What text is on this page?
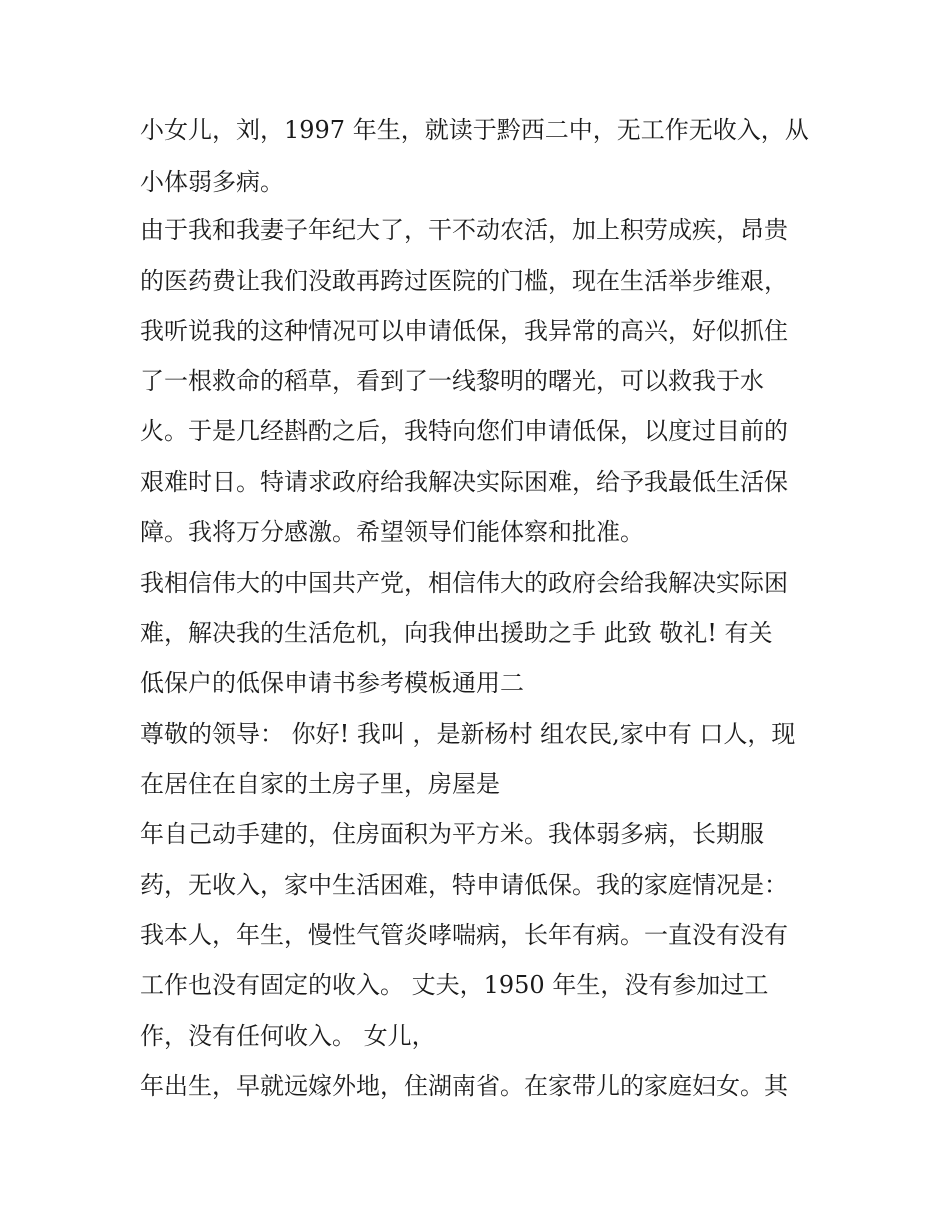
小女儿，刘，1997 年生，就读于黔西二中，无工作无收入，从
小体弱多病。
由于我和我妻子年纪大了，干不动农活，加上积劳成疾，昂贵
的医药费让我们没敢再跨过医院的门槛，现在生活举步维艰，
我听说我的这种情况可以申请低保，我异常的高兴，好似抓住
了一根救命的稻草，看到了一线黎明的曙光，可以救我于水
火。于是几经斟酌之后，我特向您们申请低保，以度过目前的
艰难时日。特请求政府给我解决实际困难，给予我最低生活保
障。我将万分感激。希望领导们能体察和批准。
我相信伟大的中国共产党，相信伟大的政府会给我解决实际困
难，解决我的生活危机，向我伸出援助之手 此致 敬礼! 有关
低保户的低保申请书参考模板通用二
尊敬的领导： 你好! 我叫 ，是新杨村 组农民,家中有 口人，现
在居住在自家的土房子里，房屋是
年自己动手建的，住房面积为平方米。我体弱多病，长期服
药，无收入，家中生活困难，特申请低保。我的家庭情况是：
我本人，年生，慢性气管炎哮喘病，长年有病。一直没有没有
工作也没有固定的收入。 丈夫，1950 年生，没有参加过工
作，没有任何收入。 女儿，
年出生，早就远嫁外地，住湖南省。在家带儿的家庭妇女。其
